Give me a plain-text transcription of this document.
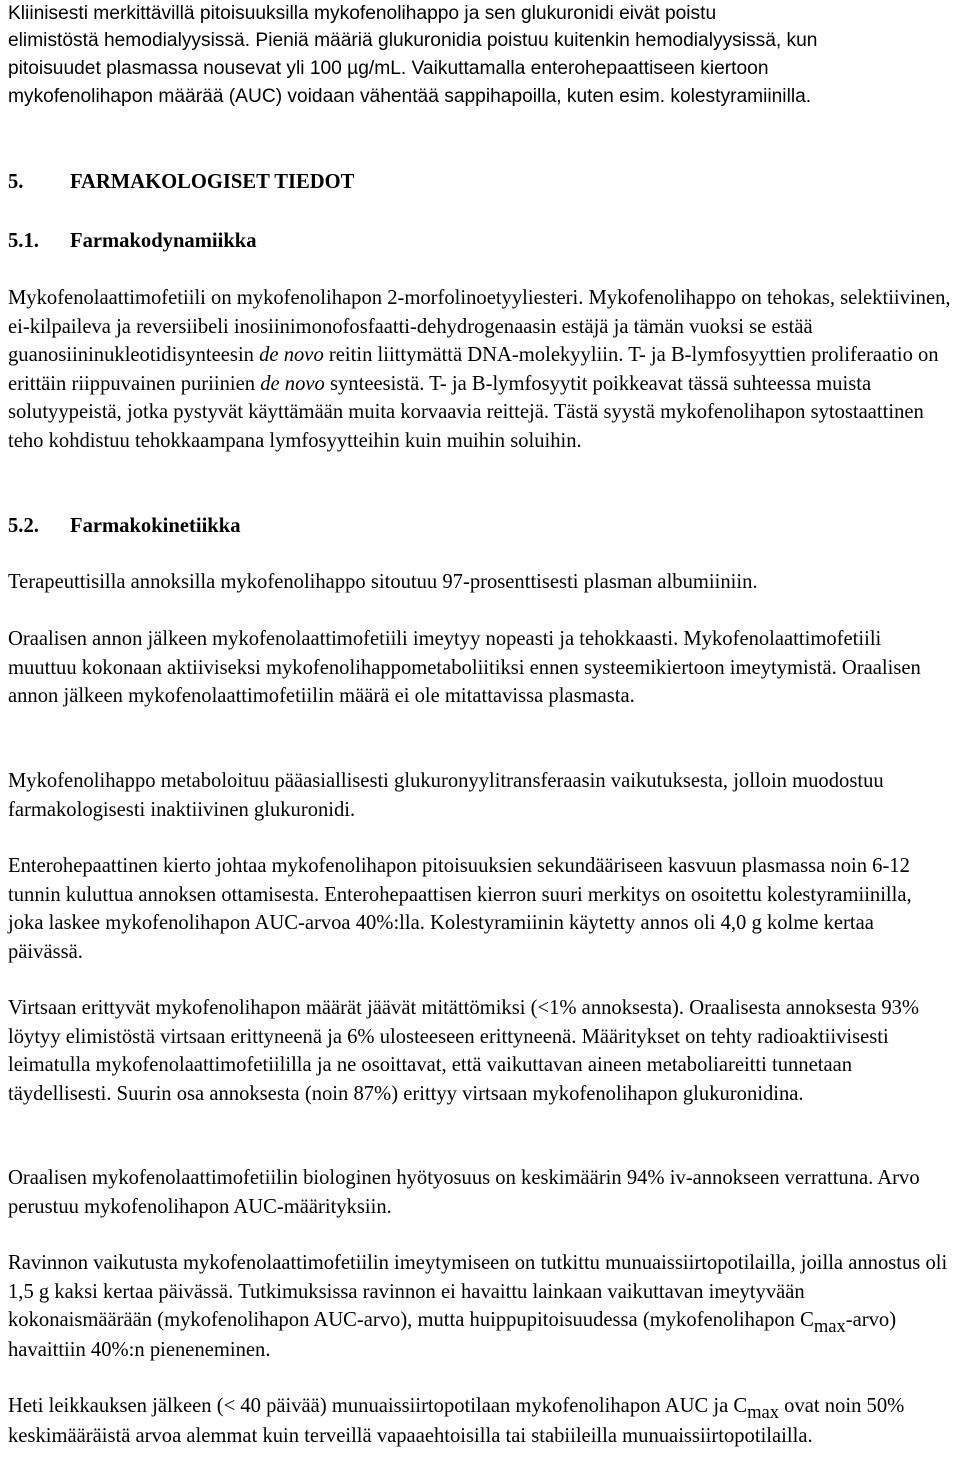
Kliinisesti merkittävillä pitoisuuksilla mykofenolihappo ja sen glukuronidi eivät poistu
elimistöstä hemodialyysissä. Pieniä määriä glukuronidia poistuu kuitenkin hemodialyysissä, kun
pitoisuudet plasmassa nousevat yli 100 µg/mL. Vaikuttamalla enterohepaattiseen kiertoon
mykofenolihapon määrää (AUC) voidaan vähentää sappihapoilla, kuten esim. kolestyramiinilla.
5. FARMAKOLOGISET TIEDOT
5.1. Farmakodynamiikka

Mykofenolaattimofetiili on mykofenolihapon 2-morfolinoetyyliesteri. Mykofenolihappo on tehokas, selektiivinen, ei-kilpaileva ja reversiibeli inosiinimonofosfaatti-dehydrogenaasin estäjä ja tämän vuoksi se estää guanosiininukleotidisynteesin de novo reitin liittymättä DNA-molekyyliin. T- ja B-lymfosyyttien proliferaatio on erittäin riippuvainen puriinien de novo synteesistä. T- ja B-lymfosyytit poikkeavat tässä suhteessa muista solutyypeistä, jotka pystyvät käyttämään muita korvaavia reittejä. Tästä syystä mykofenolihapon sytostaattinen teho kohdistuu tehokkaampana lymfosyytteihin kuin muihin soluihin.

5.2. Farmakokinetiikka

Terapeuttisilla annoksilla mykofenolihappo sitoutuu 97-prosenttisesti plasman albumiiniin.

Oraalisen annon jälkeen mykofenolaattimofetiili imeytyy nopeasti ja tehokkaasti. Mykofenolaattimofetiili muuttuu kokonaan aktiiviseksi mykofenolihappometaboliitiksi ennen systeemikiertoon imeytymistä. Oraalisen annon jälkeen mykofenolaattimofetiilin määrä ei ole mitattavissa plasmasta.

Mykofenolihappo metaboloituu pääasiallisesti glukuronyylitransferaasin vaikutuksesta, jolloin muodostuu farmakologisesti inaktiivinen glukuronidi.

Enterohepaattinen kierto johtaa mykofenolihapon pitoisuuksien sekundääriseen kasvuun plasmassa noin 6-12 tunnin kuluttua annoksen ottamisesta. Enterohepaattisen kierron suuri merkitys on osoitettu kolestyramiinilla, joka laskee mykofenolihapon AUC-arvoa 40%:lla. Kolestyramiinin käytetty annos oli 4,0 g kolme kertaa päivässä.

Virtsaan erittyvät mykofenolihapon määrät jäävät mitättömiksi (<1% annoksesta). Oraalisesta annoksesta 93% löytyy elimistöstä virtsaan erittyneenä ja 6% ulosteeseen erittyneenä. Määritykset on tehty radioaktiivisesti leimatulla mykofenolaattimofetiililla ja ne osoittavat, että vaikuttavan aineen metaboliareitti tunnetaan täydellisesti. Suurin osa annoksesta (noin 87%) erittyy virtsaan mykofenolihapon glukuronidina.

Oraalisen mykofenolaattimofetiilin biologinen hyötyosuus on keskimäärin 94% iv-annokseen verrattuna. Arvo perustuu mykofenolihapon AUC-määrityksiin.

Ravinnon vaikutusta mykofenolaattimofetiilin imeytymiseen on tutkittu munuaissiirtopotilailla, joilla annostus oli 1,5 g kaksi kertaa päivässä. Tutkimuksissa ravinnon ei havaittu lainkaan vaikuttavan imeytyvään kokonaismäärään (mykofenolihapon AUC-arvo), mutta huippupitoisuudessa (mykofenolihapon Cmax-arvo) havaittiin 40%:n pieneneminen.

Heti leikkauksen jälkeen (< 40 päivää) munuaissiirtopotilaan mykofenolihapon AUC ja Cmax ovat noin 50% keskimääräistä arvoa alemmat kuin terveillä vapaaehtoisilla tai stabiileilla munuaissiirtopotilailla.
